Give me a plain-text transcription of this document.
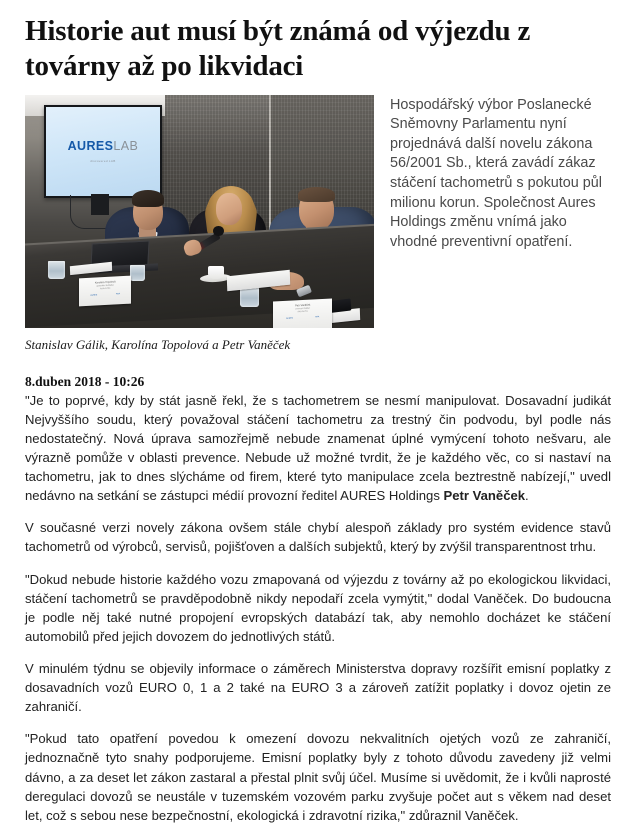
Historie aut musí být známá od výjezdu z továrny až po likvidaci
AURESLAB
discovered LAB
Karolína Topolová
generální ředitelka
AAA AUTO
AURES
AAA
Petr Vaněček
provozní ředitel
AAA AUTO
AURES
AAA
Stanislav Gálik, Karolína Topolová a Petr Vaněček
Hospodářský výbor Poslanecké Sněmovny Parlamentu nyní projednává další novelu zákona 56/2001 Sb., která zavádí zákaz stáčení tachometrů s pokutou půl milionu korun. Společnost Aures Holdings změnu vnímá jako vhodné preventivní opatření.
8.duben 2018 - 10:26

"Je to poprvé, kdy by stát jasně řekl, že s tachometrem se nesmí manipulovat. Dosavadní judikát Nejvyššího soudu, který považoval stáčení tachometru za trestný čin podvodu, byl podle nás nedostatečný. Nová úprava samozřejmě nebude znamenat úplné vymýcení tohoto nešvaru, ale výrazně pomůže v oblasti prevence. Nebude už možné tvrdit, že je každého věc, co si nastaví na tachometru, jak to dnes slýcháme od firem, které tyto manipulace zcela beztrestně nabízejí," uvedl nedávno na setkání se zástupci médií provozní ředitel AURES Holdings Petr Vaněček.

V současné verzi novely zákona ovšem stále chybí alespoň základy pro systém evidence stavů tachometrů od výrobců, servisů, pojišťoven a dalších subjektů, který by zvýšil transparentnost trhu.

"Dokud nebude historie každého vozu zmapovaná od výjezdu z továrny až po ekologickou likvidaci, stáčení tachometrů se pravděpodobně nikdy nepodaří zcela vymýtit," dodal Vaněček. Do budoucna je podle něj také nutné propojení evropských databází tak, aby nemohlo docházet ke stáčení automobilů před jejich dovozem do jednotlivých států.

V minulém týdnu se objevily informace o záměrech Ministerstva dopravy rozšířit emisní poplatky z dosavadních vozů EURO 0, 1 a 2 také na EURO 3 a zároveň zatížit poplatky i dovoz ojetin ze zahraničí.

"Pokud tato opatření povedou k omezení dovozu nekvalitních ojetých vozů ze zahraničí, jednoznačně tyto snahy podporujeme. Emisní poplatky byly z tohoto důvodu zavedeny již velmi dávno, a za deset let zákon zastaral a přestal plnit svůj účel. Musíme si uvědomit, že i kvůli naprosté deregulaci dovozů se neustále v tuzemském vozovém parku zvyšuje počet aut s věkem nad deset let, což s sebou nese bezpečnostní, ekologická i zdravotní rizika," zdůraznil Vaněček.
